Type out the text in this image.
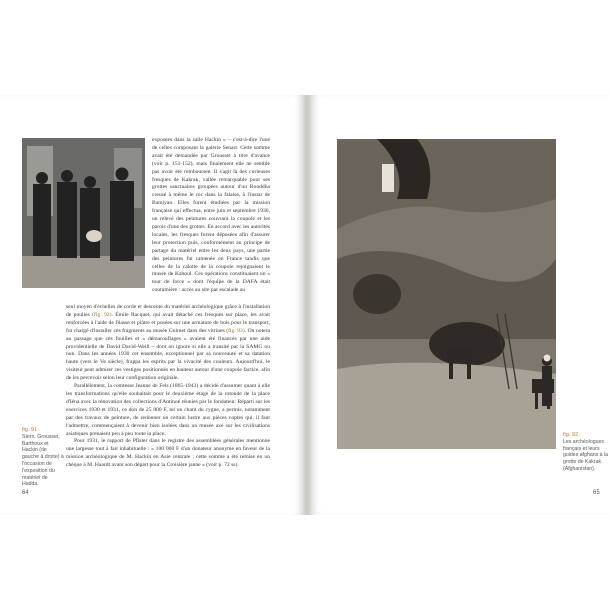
exposées dans la salle Hackin » – c'est-à-dire l'une de celles composant la galerie Senart. Cette somme avait été demandée par Grousset à titre d'avance (voir p. 151-152), mais finalement elle ne semble pas avoir été remboursée. Il s'agit là des curieuses fresques de Kakrak, vallée remarquable pour ses grottes sanctuaires groupées autour d'un Bouddha creusé à même le roc dans la falaise, à l'instar de Bamiyan. Elles furent étudiées par la mission française qui effectua, entre juin et septembre 1930, un relevé des peintures couvrant la coupole et les parois d'une des grottes. En accord avec les autorités locales, les fresques furent déposées afin d'assurer leur protection puis, conformément au principe de partage du matériel entre les deux pays, une partie des peintures fut ramenée en France tandis que celles de la calotte de la coupole rejoignaient le musée de Kaboul. Ces opérations constituaient un « tour de force » dont l'équipe de la DAFA était coutumière : accès au site par escalade au

seul moyen d'échelles de corde et descente du matériel archéologique grâce à l'installation de poulies (fig. 92). Émile Racquet, qui avait détaché ces fresques sur place, les avait renforcées à l'aide de filasse et plâtre et posées sur une armature de bois pour le transport, fut chargé d'installer ces fragments au musée Guimet dans des vitrines (fig. 93). On notera au passage que ces fouilles et « démarouflages » avaient été financés par une aide providentielle de David David-Weill – dont on ignore si elle a transité par la SAMG ou non. Dans les années 1930 cet ensemble, exceptionnel par sa nouveauté et sa datation haute (vers le Ve siècle), frappa les esprits par la vivacité des couleurs. Aujourd'hui, le visiteur peut admirer ces vestiges positionnés en hauteur autour d'une coupole factice, afin de les percevoir selon leur configuration originale.

Parallèlement, la comtesse Jeanne de Fels (1865-1943) a décidé d'assumer quant à elle les transformations qu'elle souhaitait pour le deuxième étage de la rotonde de la place d'Iéna avec la rénovation des collections d'Antinoé réunies par le fondateur. Réparti sur les exercices 1930 et 1931, ce don de 25 000 F, tel un chant du cygne, a permis, notamment par des travaux de peinture, de redonner un certain lustre aux pièces coptes qui, il faut l'admettre, commençaient à devenir bien isolées dans un musée axé sur les civilisations asiatiques prenaient peu à peu toute la place.

Pour 1931, le rapport de Pfister dans le registre des assemblées générales mentionne une largesse tout à fait inhabituelle : « 100 000 F d'un donateur anonyme en faveur de la mission archéologique de M. Hackin en Asie centrale ; cette somme a été remise en un chèque à M. Haardt avant son départ pour la Croisière jaune » (voir p. 72 ss).

fig. 91.
Stern, Grousset, Barthoux et Hackin (de gauche à droite) à l'occasion de l'exposition du matériel de Hadda.
64
fig. 92.
Les archéologues français et leurs guides afghans à la grotte de Kakrak (Afghanistan).
65
